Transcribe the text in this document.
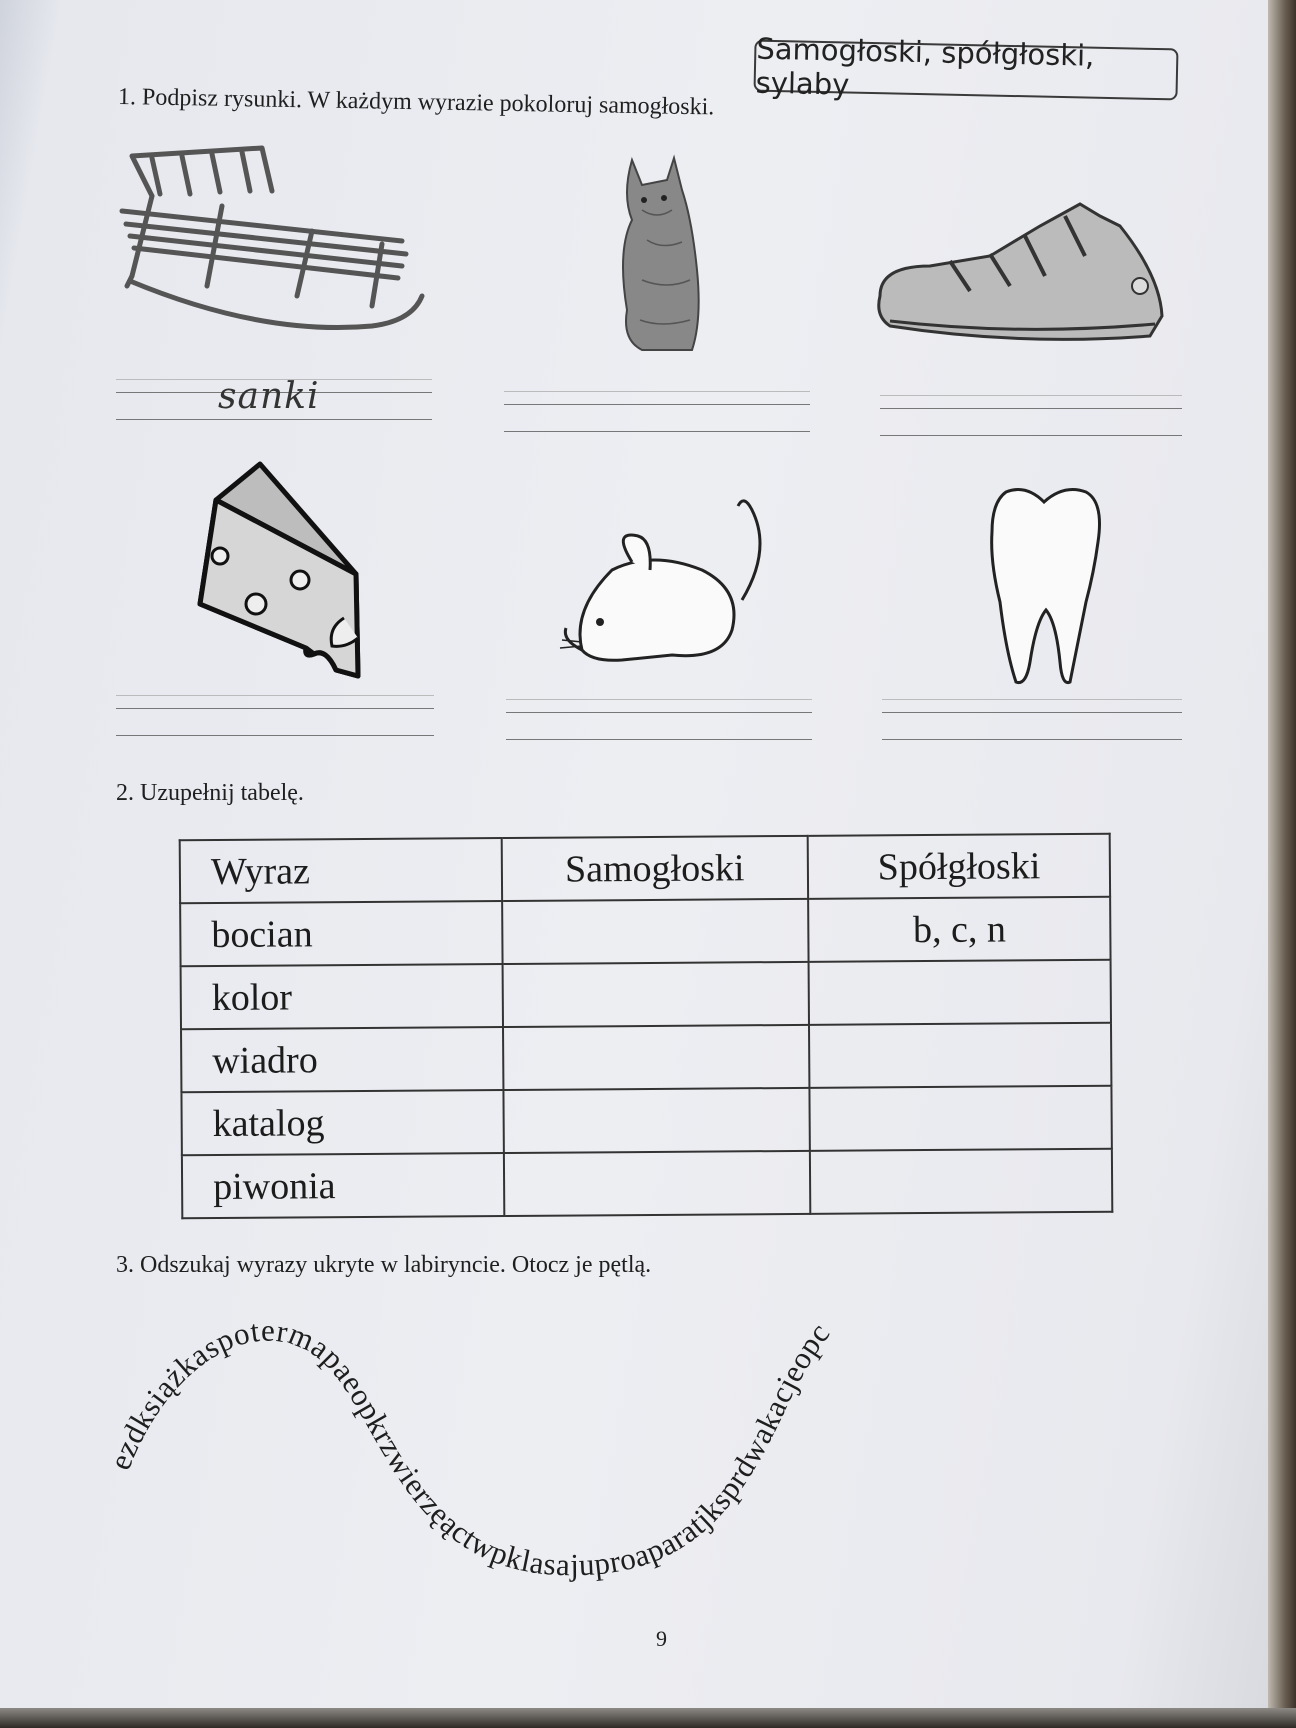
Samogłoski, spółgłoski, sylaby
1. Podpisz rysunki. W każdym wyrazie pokoloruj samogłoski.
sanki
2. Uzupełnij tabelę.
Wyraz	Samogłoski	Spółgłoski
bocian		b, c, n
kolor		
wiadro		
katalog		
piwonia		
3. Odszukaj wyrazy ukryte w labiryncie. Otocz je pętlą.
ezdksiążkaspotermapaeopkrzwierzęąctwpklasajuproaparatjksprdwakacjeopc
9
